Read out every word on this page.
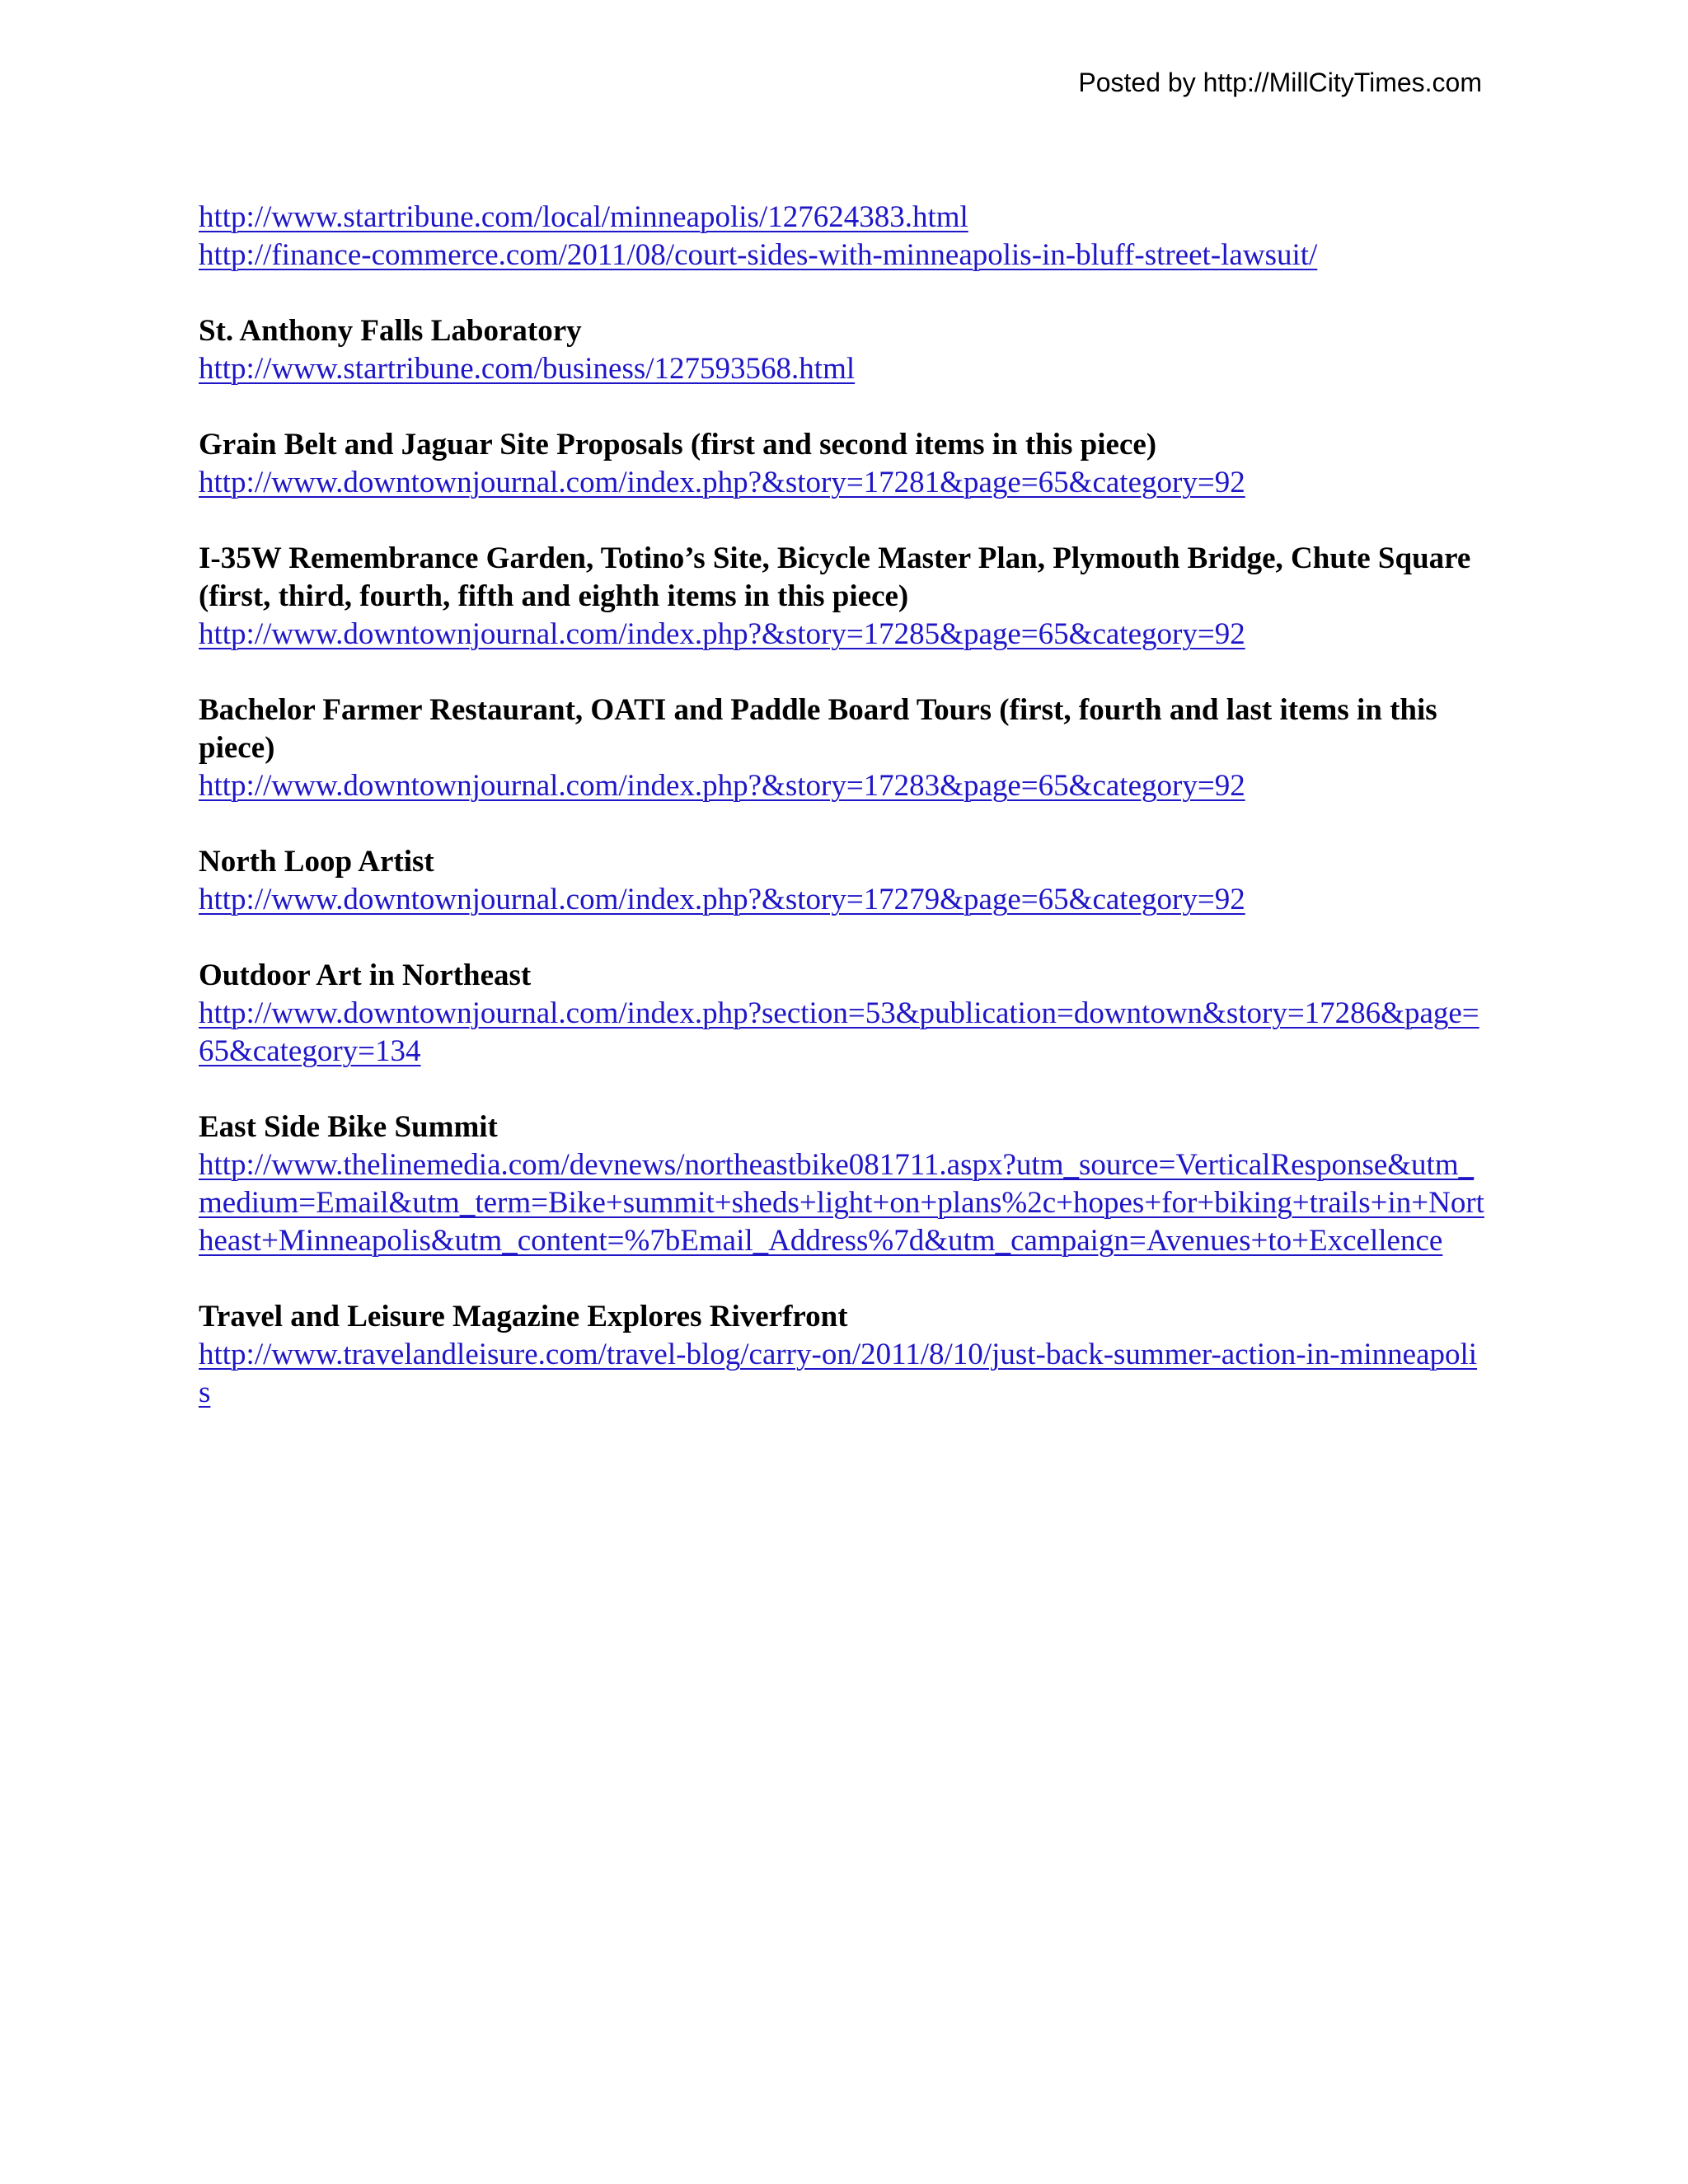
Posted by http://MillCityTimes.com
http://www.startribune.com/local/minneapolis/127624383.html
http://finance-commerce.com/2011/08/court-sides-with-minneapolis-in-bluff-street-lawsuit/
St. Anthony Falls Laboratory
http://www.startribune.com/business/127593568.html
Grain Belt and Jaguar Site Proposals (first and second items in this piece)
http://www.downtownjournal.com/index.php?&story=17281&page=65&category=92
I-35W Remembrance Garden, Totino’s Site, Bicycle Master Plan, Plymouth Bridge, Chute Square (first, third, fourth, fifth and eighth items in this piece)
http://www.downtownjournal.com/index.php?&story=17285&page=65&category=92
Bachelor Farmer Restaurant, OATI and Paddle Board Tours (first, fourth and last items in this piece)
http://www.downtownjournal.com/index.php?&story=17283&page=65&category=92
North Loop Artist
http://www.downtownjournal.com/index.php?&story=17279&page=65&category=92
Outdoor Art in Northeast
http://www.downtownjournal.com/index.php?section=53&publication=downtown&story=17286&page=65&category=134
East Side Bike Summit
http://www.thelinemedia.com/devnews/northeastbike081711.aspx?utm_source=VerticalResponse&utm_medium=Email&utm_term=Bike+summit+sheds+light+on+plans%2c+hopes+for+biking+trails+in+Northeast+Minneapolis&utm_content=%7bEmail_Address%7d&utm_campaign=Avenues+to+Excellence
Travel and Leisure Magazine Explores Riverfront
http://www.travelandleisure.com/travel-blog/carry-on/2011/8/10/just-back-summer-action-in-minneapolis
